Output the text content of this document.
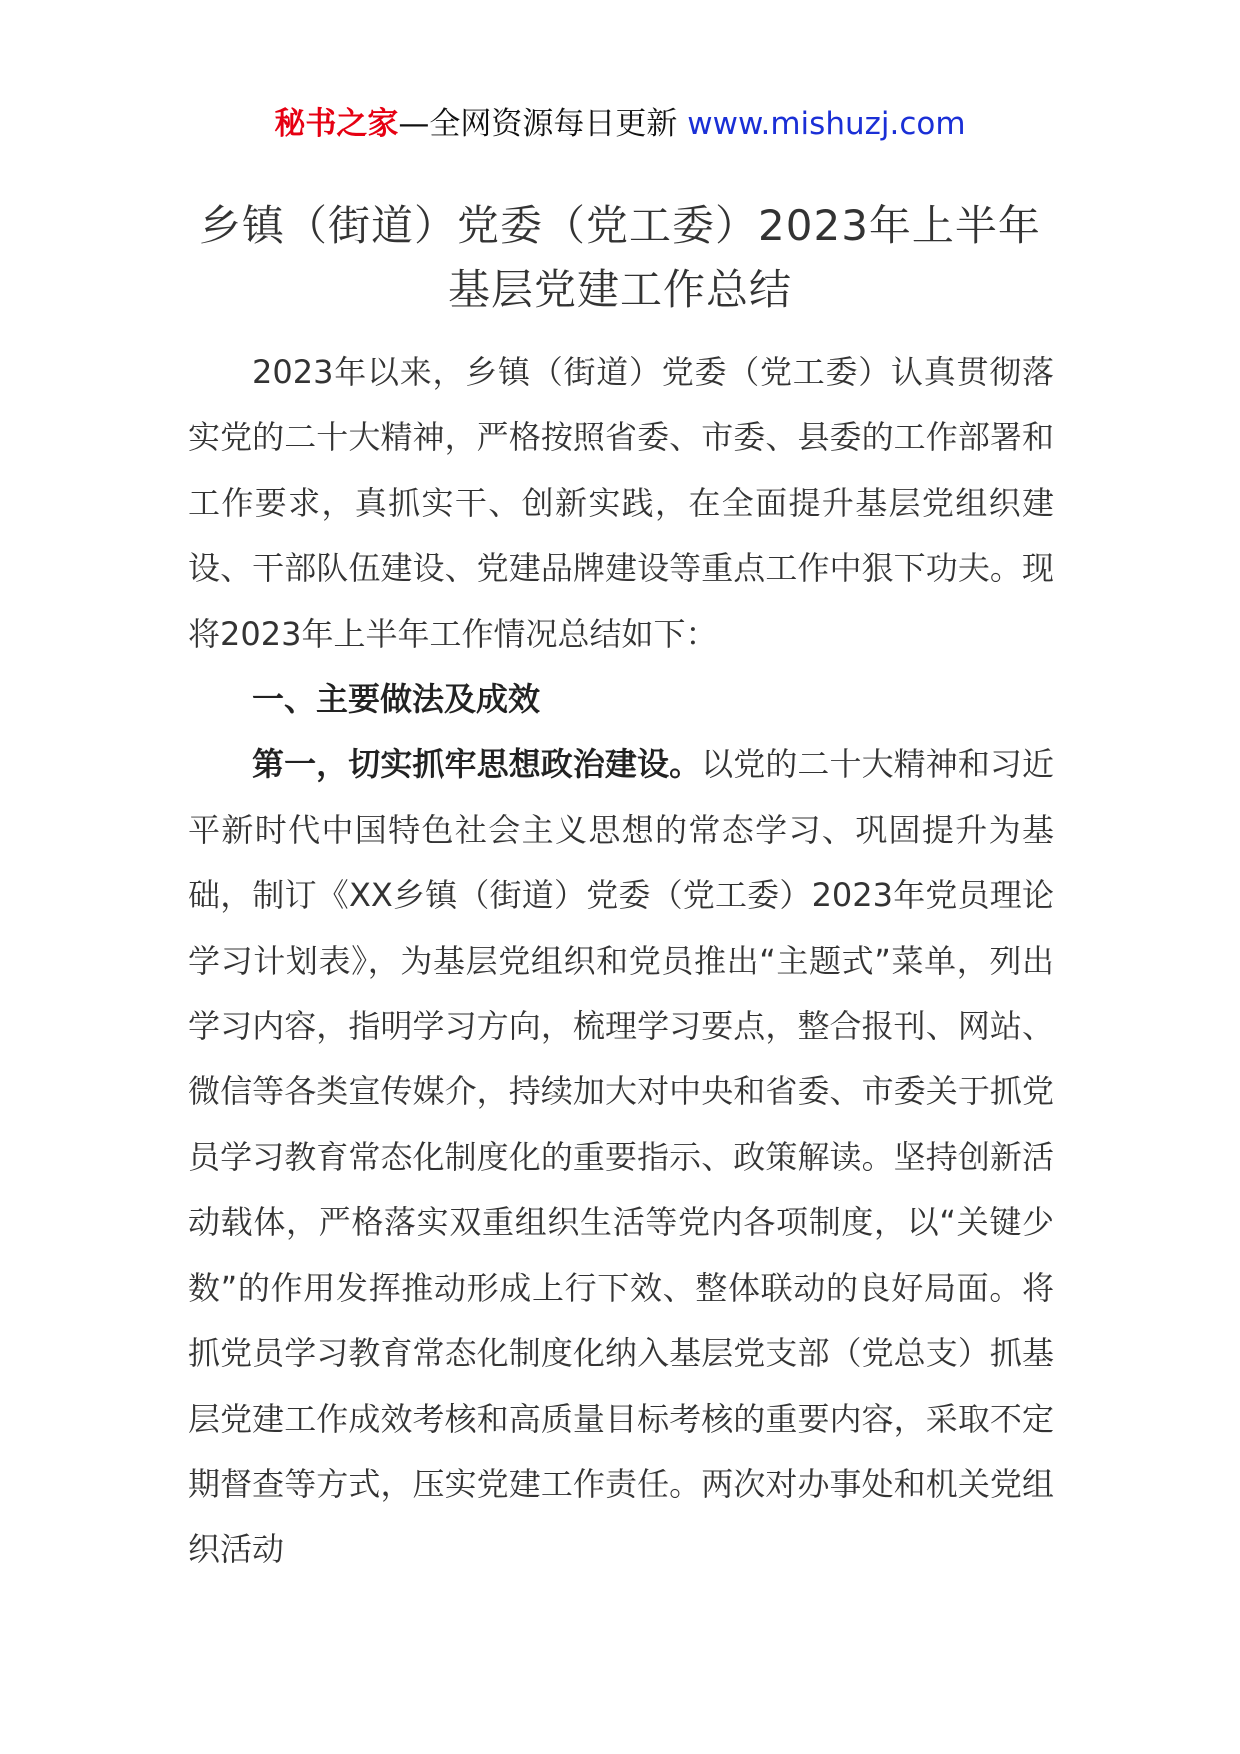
秘书之家—全网资源每日更新 www.mishuzj.com
乡镇（街道）党委（党工委）2023年上半年基层党建工作总结

2023年以来，乡镇（街道）党委（党工委）认真贯彻落实党的二十大精神，严格按照省委、市委、县委的工作部署和工作要求，真抓实干、创新实践，在全面提升基层党组织建设、干部队伍建设、党建品牌建设等重点工作中狠下功夫。现将2023年上半年工作情况总结如下：

一、主要做法及成效

第一，切实抓牢思想政治建设。以党的二十大精神和习近平新时代中国特色社会主义思想的常态学习、巩固提升为基础，制订《XX乡镇（街道）党委（党工委）2023年党员理论学习计划表》，为基层党组织和党员推出“主题式”菜单，列出学习内容，指明学习方向，梳理学习要点，整合报刊、网站、微信等各类宣传媒介，持续加大对中央和省委、市委关于抓党员学习教育常态化制度化的重要指示、政策解读。坚持创新活动载体，严格落实双重组织生活等党内各项制度，以“关键少数”的作用发挥推动形成上行下效、整体联动的良好局面。将抓党员学习教育常态化制度化纳入基层党支部（党总支）抓基层党建工作成效考核和高质量目标考核的重要内容，采取不定期督查等方式，压实党建工作责任。两次对办事处和机关党组织活动
